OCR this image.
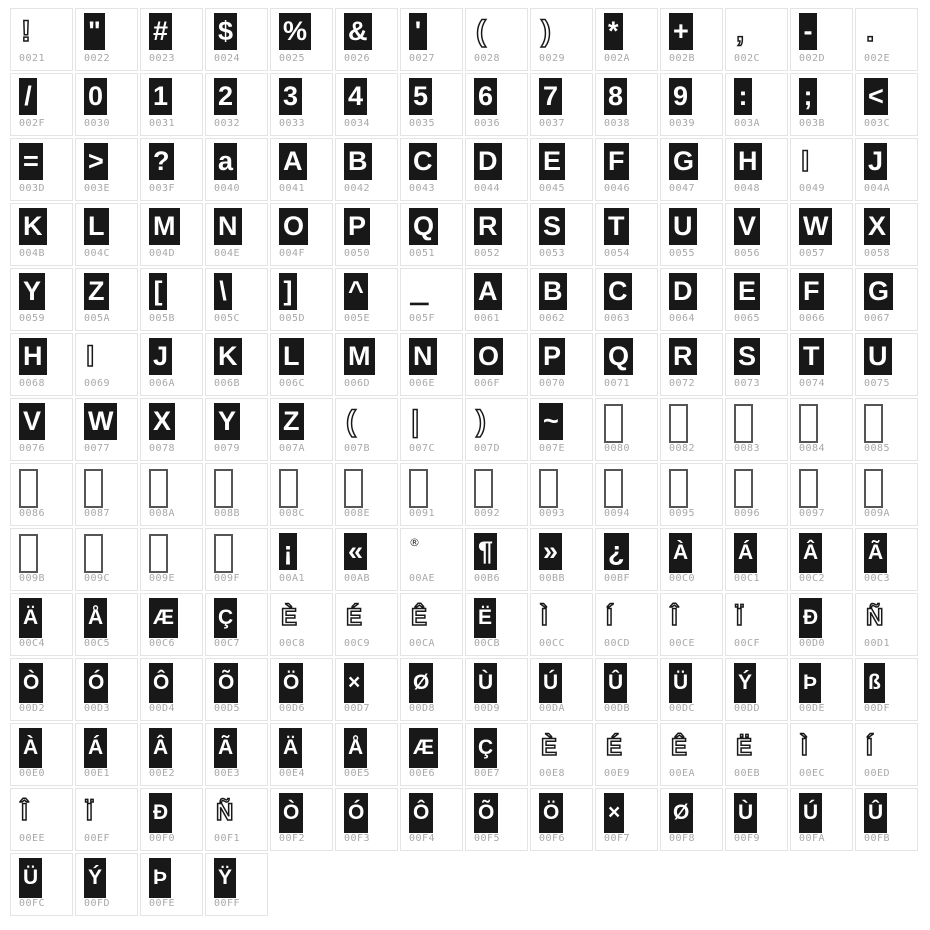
!
0021
"
0022
#
0023
$
0024
%
0025
&
0026
'
0027
(
0028
)
0029
*
002A
+
002B
,
002C
-
002D
.
002E
/
002F
0
0030
1
0031
2
0032
3
0033
4
0034
5
0035
6
0036
7
0037
8
0038
9
0039
:
003A
;
003B
<
003C
=
003D
>
003E
?
003F
a
0040
A
0041
B
0042
C
0043
D
0044
E
0045
F
0046
G
0047
H
0048
I
0049
J
004A
K
004B
L
004C
M
004D
N
004E
O
004F
P
0050
Q
0051
R
0052
S
0053
T
0054
U
0055
V
0056
W
0057
X
0058
Y
0059
Z
005A
[
005B
\
005C
]
005D
^
005E
_
005F
A
0061
B
0062
C
0063
D
0064
E
0065
F
0066
G
0067
H
0068
I
0069
J
006A
K
006B
L
006C
M
006D
N
006E
O
006F
P
0070
Q
0071
R
0072
S
0073
T
0074
U
0075
V
0076
W
0077
X
0078
Y
0079
Z
007A
(
007B
|
007C
)
007D
~
007E	0080	0082	0083	0084	0085
0086	0087	008A	008B	008C	008E	0091	0092	0093	0094	0095	0096	0097	009A
009B	009C	009E	009F
¡
00A1
«
00AB
®
00AE
¶
00B6
»
00BB
¿
00BF
À
00C0
Á
00C1
Â
00C2
Ã
00C3
Ä
00C4
Å
00C5
Æ
00C6
Ç
00C7
È
00C8
É
00C9
Ê
00CA
Ë
00CB
Ì
00CC
Í
00CD
Î
00CE
Ï
00CF
Ð
00D0
Ñ
00D1
Ò
00D2
Ó
00D3
Ô
00D4
Õ
00D5
Ö
00D6
×
00D7
Ø
00D8
Ù
00D9
Ú
00DA
Û
00DB
Ü
00DC
Ý
00DD
Þ
00DE
ß
00DF
À
00E0
Á
00E1
Â
00E2
Ã
00E3
Ä
00E4
Å
00E5
Æ
00E6
Ç
00E7
È
00E8
É
00E9
Ê
00EA
Ë
00EB
Ì
00EC
Í
00ED
Î
00EE
Ï
00EF
Ð
00F0
Ñ
00F1
Ò
00F2
Ó
00F3
Ô
00F4
Õ
00F5
Ö
00F6
×
00F7
Ø
00F8
Ù
00F9
Ú
00FA
Û
00FB
Ü
00FC
Ý
00FD
Þ
00FE
Ÿ
00FF
